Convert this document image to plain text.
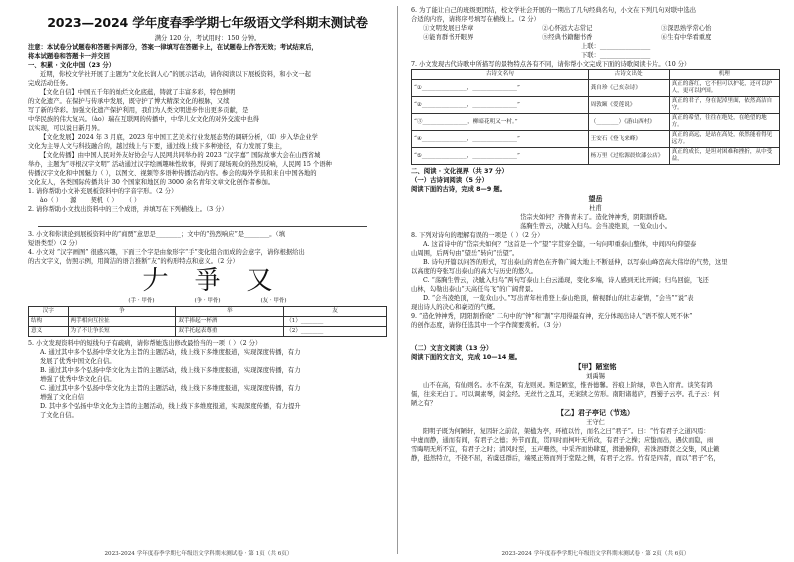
2023—2024 学年度春季学期七年级语文学科期末测试卷
满分 120 分，考试用时：150 分钟。
注意：本试卷分试题卷和答题卡两部分，答案一律填写在答题卡上，在试题卷上作答无效；考试结束后，
将本试题卷和答题卡一并交回
一、积累 · 文化中国（23 分）
近期，你校文学社开展了主题为“文化长润人心”的展示活动，请你阅读以下展板资料，和小文一起
完成活动任务。
【文化自信】中国五千年的灿烂文化底蕴，铸就了丰富多彩，特色鲜明
的文化遗产。在保护与传承中发展，既守护了博大精深文化的根脉，又续
写了新的华彩。加强文化遗产保护利用，我们为人类文明进步作出更多贡献，是
中华民族的伟大复兴。（ào）瑞在互联网的传播中，中华儿女文化的对外交流中也得
以实现，可以说日新月异。
【文化发展】2024 年 3 月底，2023 年中国工艺美术行业发展态势的调研分析，（lǐ）步入华企业学
文化为主导人文与科技融合的，越过线上与下要，通过线上线下多种途径，有力发展了集主，
【文化传播】由中国人民对外友好协会与人民网共同举办的 2023 “汉字嘉” 国际故事大会在山西省城
举办，主题为“寻根汉字文明” 活动通过汉字绘画趣味性故事，得到了现场观众的热烈反响，人民网 15 个语种
传播汉字文化和中国魅力（ ），以图文、视频等多语种传播活动内容。参会的海外学员和来自中国各地的
文化友人，各类国际传播共计 30 个国家和地区的 3000 余名青年文章文化创作者参加。
1. 请你帮助小文补充展板资料中的字音字形。（2 分）
ào（ ） 源 契机（ ） （ ）
2. 请你帮助小文找出资料中的三个成语，并填写在下列横线上。（3 分）
3. 小文和你读论到展板资料中的“商贾”意思是________；文中的“热烈响应”是________。（填
短语类型）（2 分）
4. 小文对 “汉字画图” 很感兴趣，下面三个字是由象形字“手”变化组合而成的会意字，请你根据给出
的古文字义，仿照示例，用简洁的语言推断“友”的构形特点和意义。（2 分）
𠂇 爭 又
(手 · 甲骨)	(争 · 甲骨)	(友 · 甲骨)
汉字	争	举	友
结构	两手相向互拉扯	双手捧起一杯酒	（1）________
意义	为了不让争长短	双手托起表尊重	（2）________
5. 小文发现资料中的短线句子有疏病，请你帮她选出修改最恰当的一项（ ）（2 分）
A. 通过其中多个弘扬中华文化为主旨的主题活动，线上线下多维度报道，实现深度传播，有力
发展了优秀中国文化自信。
B. 通过其中多个弘扬中华文化为主旨的主题活动，线上线下多维度报道，实现深度传播，有力
增强了优秀中华文化自信。
C. 通过其中多个弘扬中华文化为主旨的主题活动，线上线下多维度报道，实现深度传播，有力
增强了文化自信
D. 其中多个弘扬中华文化为主旨的主题活动，线上线下多维度报道，实现深度传播，有力提升
了文化自信。
2023-2024 学年度春季学期七年级语文学科期末测试卷 · 第 1页（共 6页）
6. 为了能让自己的班级更团结，校文学社会开展的一期出了几句经典名句，小文在下列几句对联中选出
合适的内容，请将序号填写在横线上。（2 分）
①文明发展日华章	②心怀远大志常记	③深思熟学常心怡
④能育群书开眼界	⑤经典书籍翻书香	⑥生有中华看重度
上联：________________
下联：________________
7. 小文发现古代诗歌中所描写的景物特点各有不同，请你帮小文完成下面的诗歌阅读卡片。（10 分）
古诗文名句	古诗文出处	机理
“①________________，________________”	龚自珍《己亥杂诗》	真正的落红，它不但可以护花，还可以护人，更可以护国。
“②________________，________________”	周敦颐《爱莲说》	真正的君子，身在泥淖里面，依然高洁自守。
“③________________，柳暗花明又一村。”	（________）《游山西村》	真正的希望，往往在绝处，在绝望的地方。
“④________________，________________”	王安石《登飞来峰》	真正的高远，是站在高处，依然能看得见远方。
“⑤________________，________________”	杨万里《过松源晨炊漆公店》	真正的成长，是坦对困难和挫折，从中受益，
二、阅读 · 文化视界（共 37 分）
（一）古诗词阅读（5 分）
阅读下面的古诗，完成 8—9 题。
望岳
杜甫
岱宗夫如何？齐鲁青未了。造化钟神秀，阴阳割昏晓。
荡胸生曾云，决眦入归鸟。会当凌绝顶，一览众山小。
8. 下列对诗句的理解有误的一项是（ ）（2 分）
A. 这首诗中的“岱宗夫如何？”这首是一个“望”字贯穿全篇，一句问叩重泰山整体，中间四句仰望泰
山周围，后两句由“望岳”转向“岳望”。
B. 诗句开篇以问答的形式，写出泰山的青色在齐鲁广阔大地上不断延伸，以写泰山峰峦高大伟岸的气势，这里
以高度的夸张写出泰山的高大与历史的悠久。
C. “荡胸生曾云，决眦入归鸟”两句写泰山上白云涌现，变化多端，诗人感到无比开阔；归鸟回旋，飞还
山林，勾勒出泰山“天高任鸟飞”的广阔背景。
D. “会当凌绝顶，一览众山小。”写出青年杜甫登上泰山绝顶，俯视群山的壮志豪情，“会当”“说”表
现出诗人的决心和豪迈的气概。
9. “造化钟神秀，阴阳割昏晓” 二句中的“钟”和“割”字用得最有神，充分体现出诗人“语不惊人死不休”
的创作态度，请你任选其中一个字作简要赏析。（3 分）
（二）文言文阅读（13 分）
阅读下面的文言文，完成 10—14 题。
【甲】陋室铭
刘禹锡
山不在高，有仙则名。水不在深，有龙则灵。斯是陋室，惟吾德馨。苔痕上阶绿，草色入帘青。谈笑有鸿
儒，往来无白丁。可以调素琴，阅金经。无丝竹之乱耳，无案牍之劳形。南阳诸葛庐，西蜀子云亭。孔子云：何
陋之有？
【乙】君子亭记（节选）
王守仁
阳明子既为何陋轩，复因轩之前营，架楹为亭，环植以竹，而名之曰“君子”。曰：“竹有君子之道四焉：
中虚而静，通而有间，有君子之德；外节而直，贯四时而柯叶无所改，有君子之操；应蛰而出，遇伏而隐，雨
雪晦明无所不宜，有君子之时；清风时至，玉声珊然，中采齐而协肆夏，揖逊俯仰，若洙泗群贤之交集，风止籁
静，挺然特立，不挠不屈，若虞廷群后，端冕正笏而列于堂陛之侧，有君子之容。竹有是四者，而以“君子”名，
2023-2024 学年度春季学期七年级语文学科期末测试卷 · 第 2页（共 6页）
